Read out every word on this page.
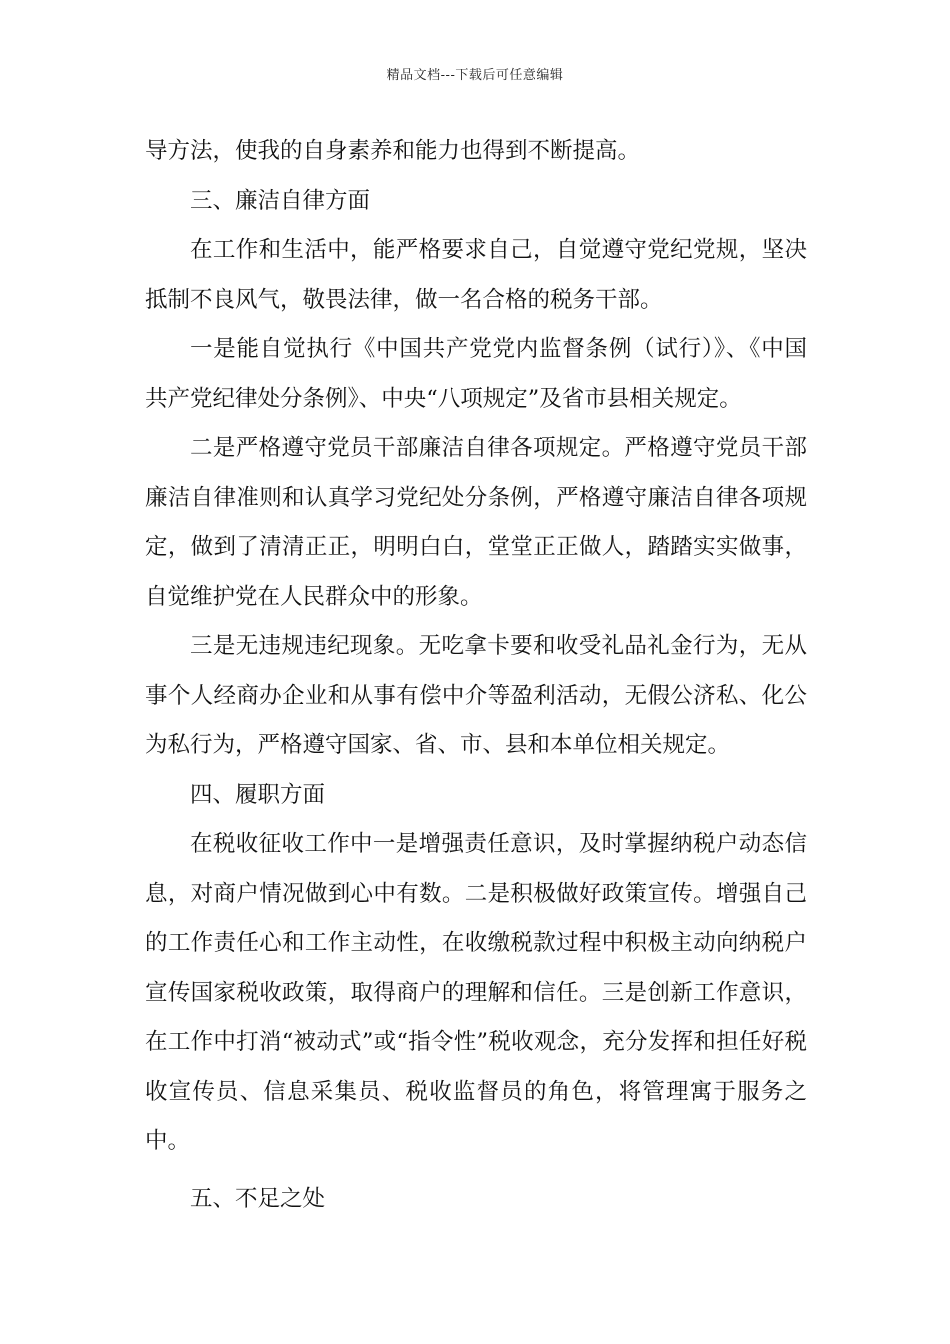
精品文档---下载后可任意编辑

导方法，使我的自身素养和能力也得到不断提高。

三、廉洁自律方面

在工作和生活中，能严格要求自己，自觉遵守党纪党规，坚决抵制不良风气，敬畏法律，做一名合格的税务干部。

一是能自觉执行《中国共产党党内监督条例（试行）》、《中国共产党纪律处分条例》、中央“八项规定”及省市县相关规定。

二是严格遵守党员干部廉洁自律各项规定。严格遵守党员干部廉洁自律准则和认真学习党纪处分条例，严格遵守廉洁自律各项规定，做到了清清正正，明明白白，堂堂正正做人，踏踏实实做事，自觉维护党在人民群众中的形象。

三是无违规违纪现象。无吃拿卡要和收受礼品礼金行为，无从事个人经商办企业和从事有偿中介等盈利活动，无假公济私、化公为私行为，严格遵守国家、省、市、县和本单位相关规定。

四、履职方面

在税收征收工作中一是增强责任意识，及时掌握纳税户动态信息，对商户情况做到心中有数。二是积极做好政策宣传。增强自己的工作责任心和工作主动性，在收缴税款过程中积极主动向纳税户宣传国家税收政策，取得商户的理解和信任。三是创新工作意识，在工作中打消“被动式”或“指令性”税收观念，充分发挥和担任好税收宣传员、信息采集员、税收监督员的角色，将管理寓于服务之中。

五、不足之处
